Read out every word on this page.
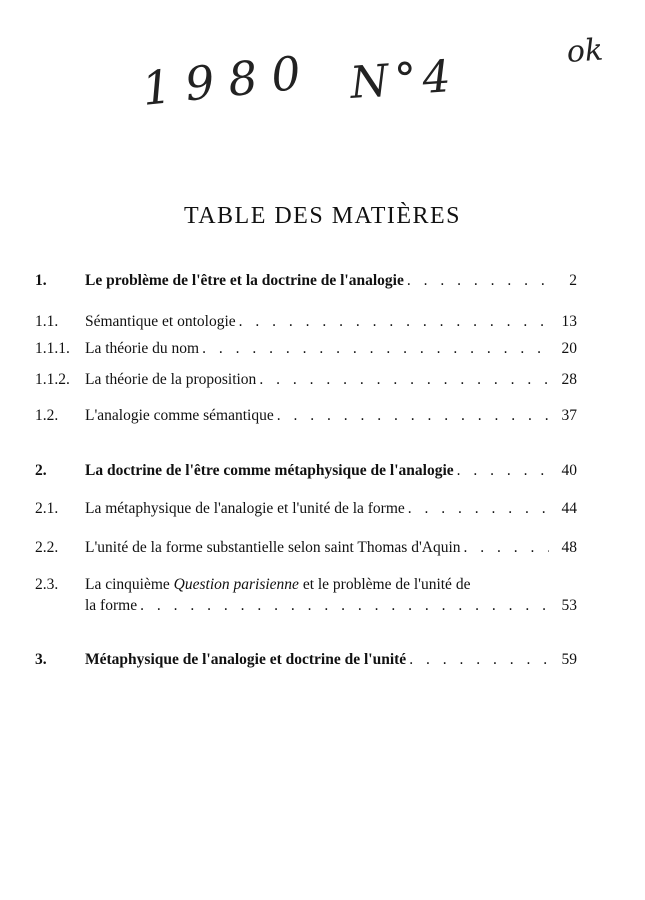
1980 N°4	ok
TABLE DES MATIÈRES
1. Le problème de l'être et la doctrine de l'analogie . . .	2
1.1. Sémantique et ontologie . . .	13
1.1.1. La théorie du nom . . .	20
1.1.2. La théorie de la proposition . . .	28
1.2. L'analogie comme sémantique . . .	37
2. La doctrine de l'être comme métaphysique de l'analogie . . .	40
2.1. La métaphysique de l'analogie et l'unité de la forme . . .	44
2.2. L'unité de la forme substantielle selon saint Thomas d'Aquin . . .	48
2.3. La cinquième Question parisienne et le problème de l'unité de
la forme . . .	53
3. Métaphysique de l'analogie et doctrine de l'unité . . .	59
